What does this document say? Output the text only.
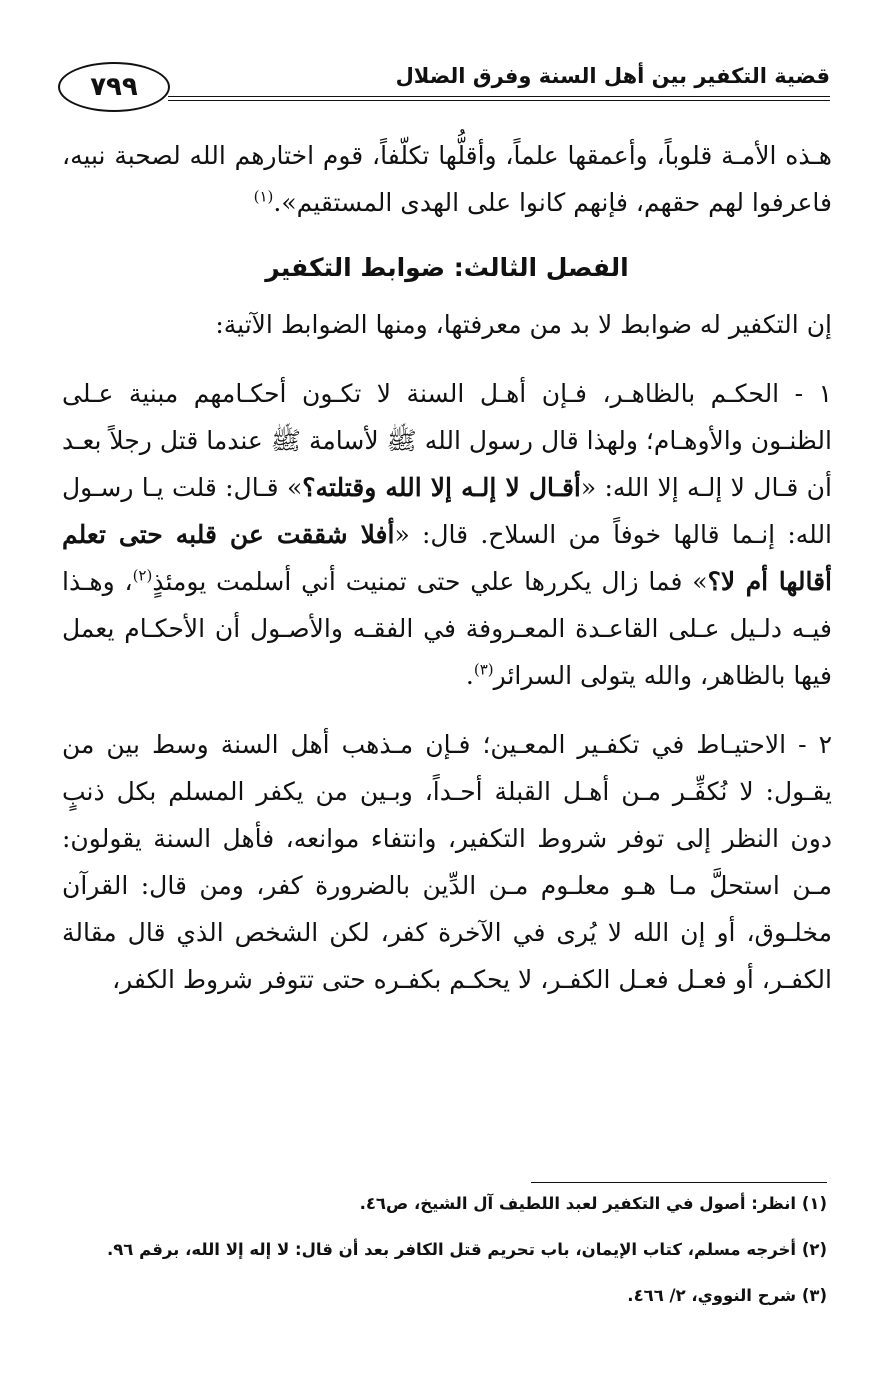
قضية التكفير بين أهل السنة وفرق الضلال
٧٩٩

هـذه الأمـة قلوباً، وأعمقها علماً، وأقلُّها تكلّفاً، قوم اختارهم الله لصحبة نبيه، فاعرفوا لهم حقهم، فإنهم كانوا على الهدى المستقيم».$^{(١)}$

الفصل الثالث: ضوابط التكفير

إن التكفير له ضوابط لا بد من معرفتها، ومنها الضوابط الآتية:

١ - الحكـم بالظاهـر، فـإن أهـل السنة لا تكـون أحكـامهم مبنية عـلى الظنـون والأوهـام؛ ولهذا قال رسول الله ﷺ لأسامة ﷺ عندما قتل رجلاً بعـد أن قـال لا إلـه إلا الله: «أقـال لا إلـه إلا الله وقتلته؟» قـال: قلت يـا رسـول الله: إنـما قالها خوفاً من السلاح. قال: «أفلا شققت عن قلبه حتى تعلم أقالها أم لا؟» فما زال يكررها علي حتى تمنيت أني أسلمت يومئذٍ$^{(٢)}$، وهـذا فيـه دلـيل عـلى القاعـدة المعـروفة في الفقـه والأصـول أن الأحكـام يعمل فيها بالظاهر، والله يتولى السرائر$^{(٣)}$.

٢ - الاحتيـاط في تكفـير المعـين؛ فـإن مـذهب أهل السنة وسط بين من يقـول: لا نُكفِّـر مـن أهـل القبلة أحـداً، وبـين من يكفر المسلم بكل ذنبٍ دون النظر إلى توفر شروط التكفير، وانتفاء موانعه، فأهل السنة يقولون: مـن استحلَّ مـا هـو معلـوم مـن الدِّين بالضرورة كفر، ومن قال: القرآن مخلـوق، أو إن الله لا يُرى في الآخرة كفر، لكن الشخص الذي قال مقالة الكفـر، أو فعـل فعـل الكفـر، لا يحكـم بكفـره حتى تتوفر شروط الكفر،

(١) انظر: أصول في التكفير لعبد اللطيف آل الشيخ، ص٤٦.

(٢) أخرجه مسلم، كتاب الإيمان، باب تحريم قتل الكافر بعد أن قال: لا إله إلا الله، برقم ٩٦.

(٣) شرح النووي، ٢/ ٤٦٦.
